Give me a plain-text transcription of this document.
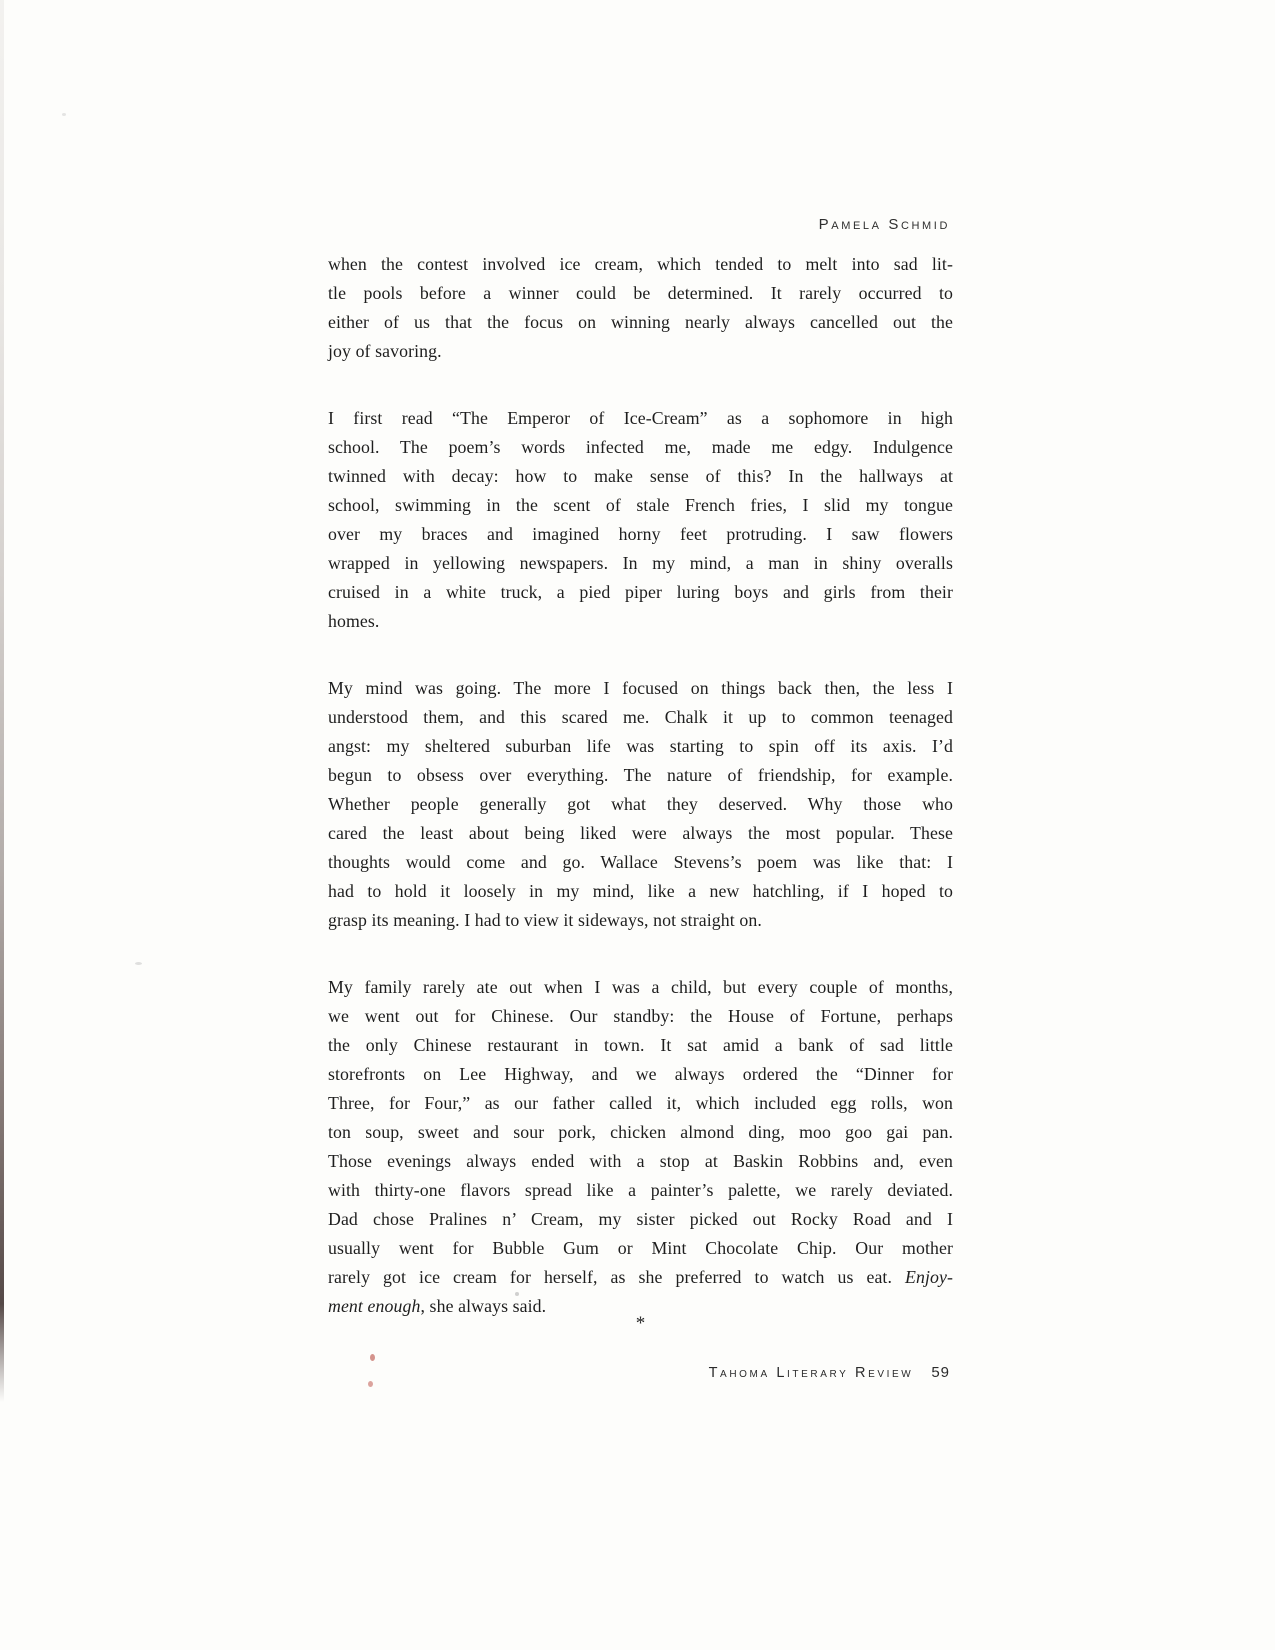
Pamela Schmid
when the contest involved ice cream, which tended to melt into sad lit-
tle pools before a winner could be determined. It rarely occurred to
either of us that the focus on winning nearly always cancelled out the
joy of savoring.
I first read “The Emperor of Ice-Cream” as a sophomore in high
school. The poem’s words infected me, made me edgy. Indulgence
twinned with decay: how to make sense of this? In the hallways at
school, swimming in the scent of stale French fries, I slid my tongue
over my braces and imagined horny feet protruding. I saw flowers
wrapped in yellowing newspapers. In my mind, a man in shiny overalls
cruised in a white truck, a pied piper luring boys and girls from their
homes.
My mind was going. The more I focused on things back then, the less I
understood them, and this scared me. Chalk it up to common teenaged
angst: my sheltered suburban life was starting to spin off its axis. I’d
begun to obsess over everything. The nature of friendship, for example.
Whether people generally got what they deserved. Why those who
cared the least about being liked were always the most popular. These
thoughts would come and go. Wallace Stevens’s poem was like that: I
had to hold it loosely in my mind, like a new hatchling, if I hoped to
grasp its meaning. I had to view it sideways, not straight on.
My family rarely ate out when I was a child, but every couple of months,
we went out for Chinese. Our standby: the House of Fortune, perhaps
the only Chinese restaurant in town. It sat amid a bank of sad little
storefronts on Lee Highway, and we always ordered the “Dinner for
Three, for Four,” as our father called it, which included egg rolls, won
ton soup, sweet and sour pork, chicken almond ding, moo goo gai pan.
Those evenings always ended with a stop at Baskin Robbins and, even
with thirty-one flavors spread like a painter’s palette, we rarely deviated.
Dad chose Pralines n’ Cream, my sister picked out Rocky Road and I
usually went for Bubble Gum or Mint Chocolate Chip. Our mother
rarely got ice cream for herself, as she preferred to watch us eat. Enjoy-
ment enough, she always said.
*
Tahoma Literary Review 59
